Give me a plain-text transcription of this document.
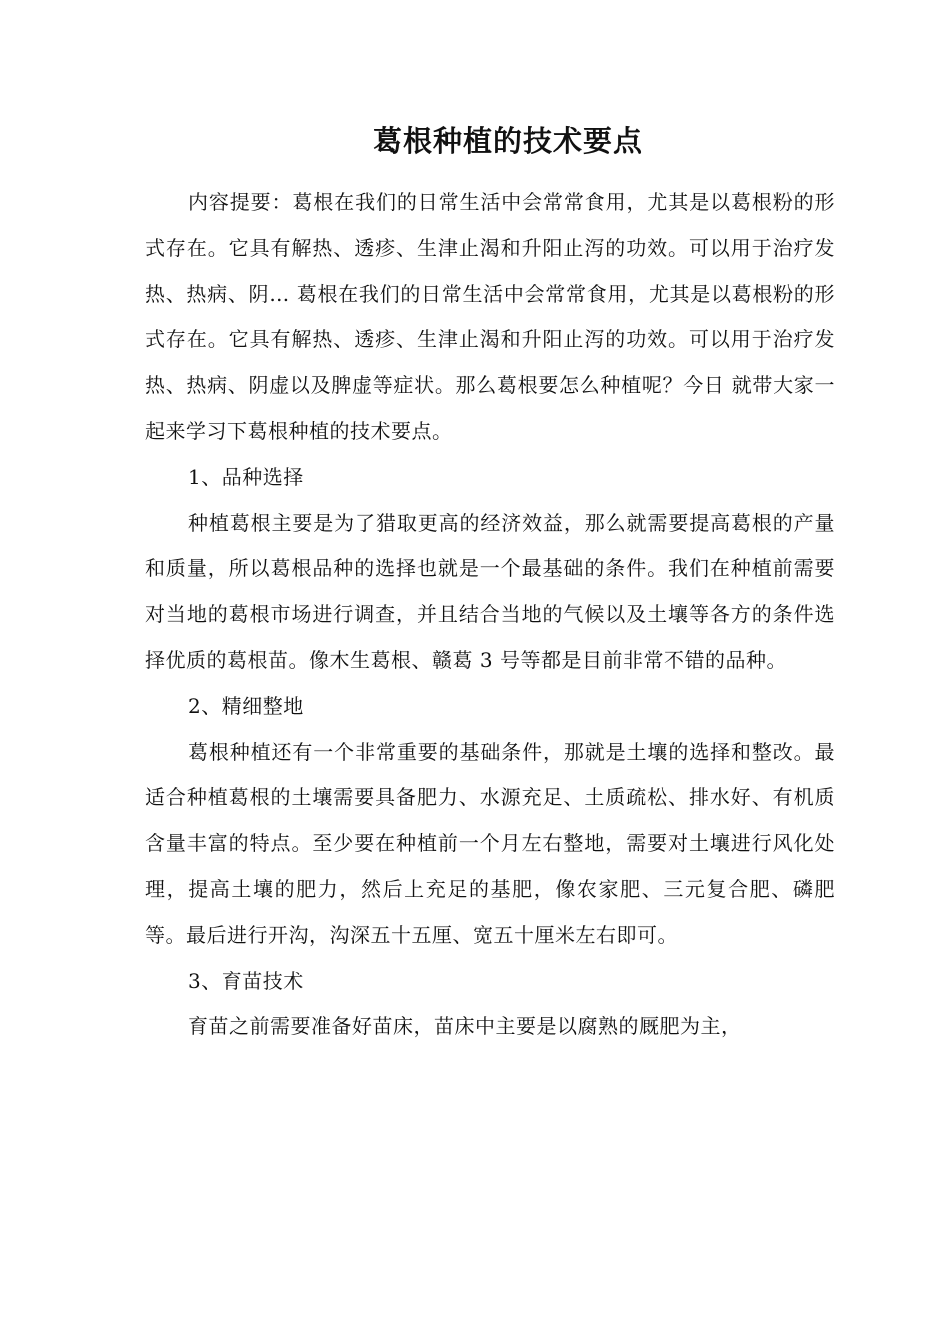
葛根种植的技术要点

内容提要：葛根在我们的日常生活中会常常食用，尤其是以葛根粉的形式存在。它具有解热、透疹、生津止渴和升阳止泻的功效。可以用于治疗发热、热病、阴… 葛根在我们的日常生活中会常常食用，尤其是以葛根粉的形式存在。它具有解热、透疹、生津止渴和升阳止泻的功效。可以用于治疗发热、热病、阴虚以及脾虚等症状。那么葛根要怎么种植呢？今日 就带大家一起来学习下葛根种植的技术要点。

1、品种选择

种植葛根主要是为了猎取更高的经济效益，那么就需要提高葛根的产量和质量，所以葛根品种的选择也就是一个最基础的条件。我们在种植前需要对当地的葛根市场进行调查，并且结合当地的气候以及土壤等各方的条件选择优质的葛根苗。像木生葛根、赣葛 3 号等都是目前非常不错的品种。

2、精细整地

葛根种植还有一个非常重要的基础条件，那就是土壤的选择和整改。最适合种植葛根的土壤需要具备肥力、水源充足、土质疏松、排水好、有机质含量丰富的特点。至少要在种植前一个月左右整地，需要对土壤进行风化处理，提高土壤的肥力，然后上充足的基肥，像农家肥、三元复合肥、磷肥等。最后进行开沟，沟深五十五厘、宽五十厘米左右即可。

3、育苗技术

育苗之前需要准备好苗床，苗床中主要是以腐熟的厩肥为主，
